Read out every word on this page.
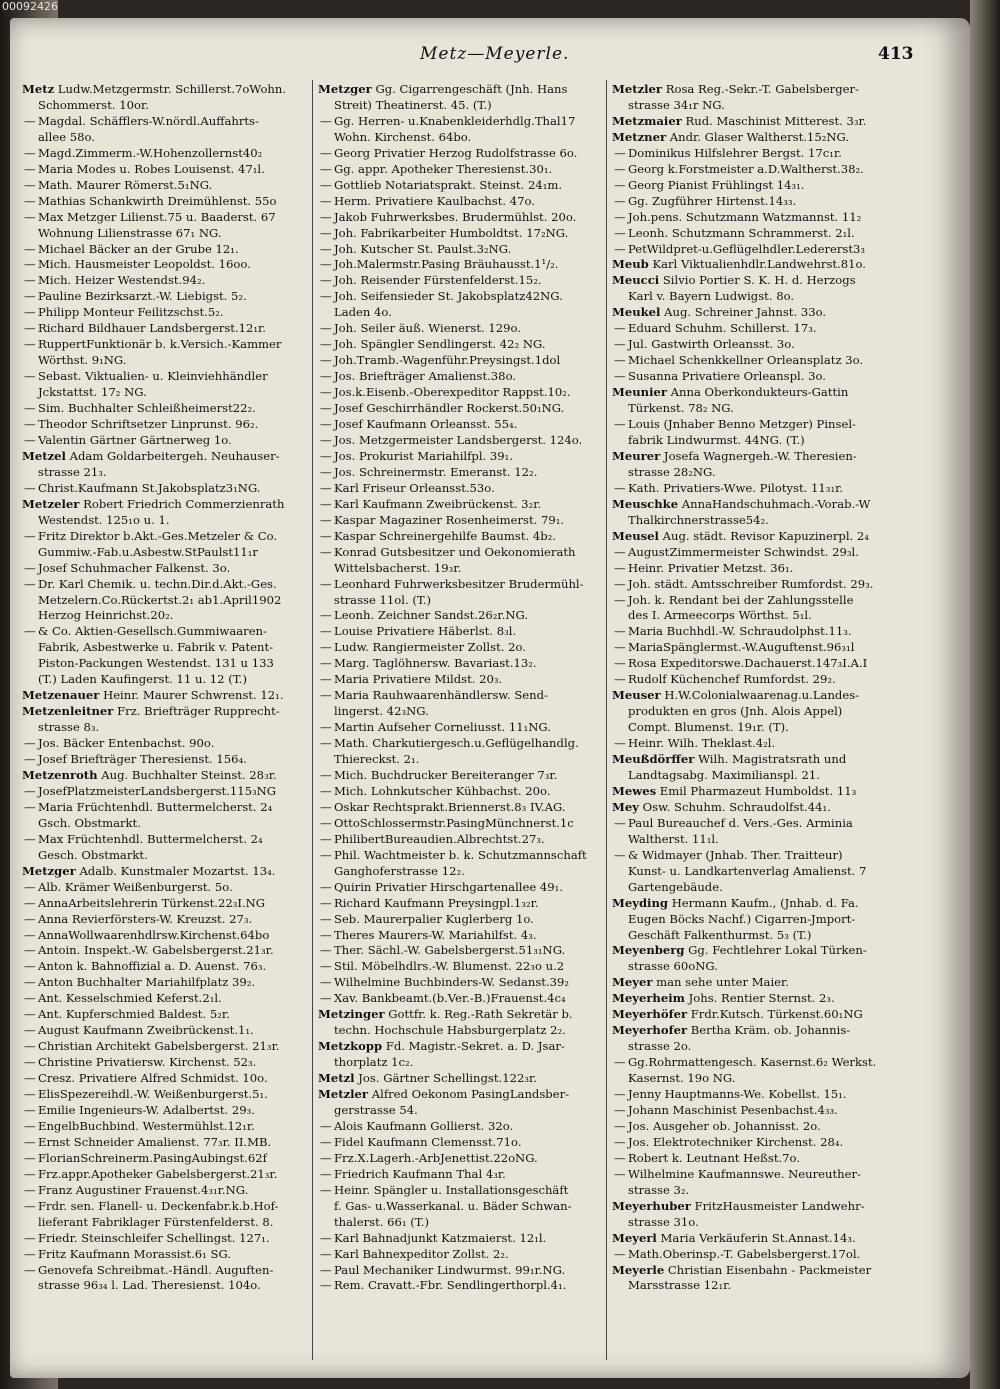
00092426
Metz—Meyerle.	413
Metz Ludw.Metzgermstr. Schillerst.7oWohn.
Schommerst. 10or.
— Magdal. Schäfflers-W.nördl.Auffahrts-
allee 58o.
— Magd.Zimmerm.-W.Hohenzollernst40₂
— Maria Modes u. Robes Louisenst. 47₁l.
— Math. Maurer Römerst.5₁NG.
— Mathias Schankwirth Dreimühlenst. 55o
— Max Metzger Lilienst.75 u. Baaderst. 67
Wohnung Lilienstrasse 67₁ NG.
— Michael Bäcker an der Grube 12₁.
— Mich. Hausmeister Leopoldst. 16oo.
— Mich. Heizer Westendst.94₂.
— Pauline Bezirksarzt.-W. Liebigst. 5₂.
— Philipp Monteur Feilitzschst.5₂.
— Richard Bildhauer Landsbergerst.12₁r.
— RuppertFunktionär b. k.Versich.-Kammer
Wörthst. 9₁NG.
— Sebast. Viktualien- u. Kleinviehhändler
Jckstattst. 17₂ NG.
— Sim. Buchhalter Schleißheimerst22₂.
— Theodor Schriftsetzer Linprunst. 96₂.
— Valentin Gärtner Gärtnerweg 1o.
Metzel Adam Goldarbeitergeh. Neuhauser-
strasse 21₃.
— Christ.Kaufmann St.Jakobsplatz3₁NG.
Metzeler Robert Friedrich Commerzienrath
Westendst. 125₁o u. 1.
— Fritz Direktor b.Akt.-Ges.Metzeler & Co.
Gummiw.-Fab.u.Asbestw.StPaulst11₁r
— Josef Schuhmacher Falkenst. 3o.
— Dr. Karl Chemik. u. techn.Dir.d.Akt.-Ges.
Metzelern.Co.Rückertst.2₁ ab1.April1902
Herzog Heinrichst.20₂.
— & Co. Aktien-Gesellsch.Gummiwaaren-
Fabrik, Asbestwerke u. Fabrik v. Patent-
Piston-Packungen Westendst. 131 u 133
(T.) Laden Kaufingerst. 11 u. 12 (T.)
Metzenauer Heinr. Maurer Schwrenst. 12₁.
Metzenleitner Frz. Briefträger Rupprecht-
strasse 8₃.
— Jos. Bäcker Entenbachst. 90o.
— Josef Briefträger Theresienst. 156₄.
Metzenroth Aug. Buchhalter Steinst. 28₃r.
— JosefPlatzmeisterLandsbergerst.115₃NG
— Maria Früchtenhdl. Buttermelcherst. 2₄
Gsch. Obstmarkt.
— Max Früchtenhdl. Buttermelcherst. 2₄
Gesch. Obstmarkt.
Metzger Adalb. Kunstmaler Mozartst. 13₄.
— Alb. Krämer Weißenburgerst. 5o.
— AnnaArbeitslehrerin Türkenst.22₃I.NG
— Anna Revierförsters-W. Kreuzst. 27₃.
— AnnaWollwaarenhdlrsw.Kirchenst.64bo
— Antoin. Inspekt.-W. Gabelsbergerst.21₃r.
— Anton k. Bahnoffizial a. D. Auenst. 76₃.
— Anton Buchhalter Mariahilfplatz 39₂.
— Ant. Kesselschmied Keferst.2₁l.
— Ant. Kupferschmied Baldest. 5₂r.
— August Kaufmann Zweibrückenst.1₁.
— Christian Architekt Gabelsbergerst. 21₃r.
— Christine Privatiersw. Kirchenst. 52₃.
— Cresz. Privatiere Alfred Schmidst. 10o.
— ElisSpezereihdl.-W. Weißenburgerst.5₁.
— Emilie Ingenieurs-W. Adalbertst. 29₃.
— EngelbBuchbind. Westermühlst.12₁r.
— Ernst Schneider Amalienst. 77₃r. II.MB.
— FlorianSchreinerm.PasingAubingst.62f
— Frz.appr.Apotheker Gabelsbergerst.21₃r.
— Franz Augustiner Frauenst.4₃₁r.NG.
— Frdr. sen. Flanell- u. Deckenfabr.k.b.Hof-
lieferant Fabriklager Fürstenfelderst. 8.
— Friedr. Steinschleifer Schellingst. 127₁.
— Fritz Kaufmann Morassist.6₁ SG.
— Genovefa Schreibmat.-Händl. Auguften-
strasse 96₃₄ l. Lad. Theresienst. 104o.
Metzger Gg. Cigarrengeschäft (Jnh. Hans
Streit) Theatinerst. 45. (T.)
— Gg. Herren- u.Knabenkleiderhdlg.Thal17
Wohn. Kirchenst. 64bo.
— Georg Privatier Herzog Rudolfstrasse 6o.
— Gg. appr. Apotheker Theresienst.30₁.
— Gottlieb Notariatsprakt. Steinst. 24₁m.
— Herm. Privatiere Kaulbachst. 47o.
— Jakob Fuhrwerksbes. Brudermühlst. 20o.
— Joh. Fabrikarbeiter Humboldtst. 17₂NG.
— Joh. Kutscher St. Paulst.3₂NG.
— Joh.Malermstr.Pasing Bräuhausst.1¹/₂.
— Joh. Reisender Fürstenfelderst.15₂.
— Joh. Seifensieder St. Jakobsplatz42NG.
Laden 4o.
— Joh. Seiler äuß. Wienerst. 129o.
— Joh. Spängler Sendlingerst. 42₂ NG.
— Joh.Tramb.-Wagenführ.Preysingst.1dol
— Jos. Briefträger Amalienst.38o.
— Jos.k.Eisenb.-Oberexpeditor Rappst.10₂.
— Josef Geschirrhändler Rockerst.50₁NG.
— Josef Kaufmann Orleansst. 55₄.
— Jos. Metzgermeister Landsbergerst. 124o.
— Jos. Prokurist Mariahilfpl. 39₁.
— Jos. Schreinermstr. Emeranst. 12₂.
— Karl Friseur Orleansst.53o.
— Karl Kaufmann Zweibrückenst. 3₂r.
— Kaspar Magaziner Rosenheimerst. 79₁.
— Kaspar Schreinergehilfe Baumst. 4b₂.
— Konrad Gutsbesitzer und Oekonomierath
Wittelsbacherst. 19₃r.
— Leonhard Fuhrwerksbesitzer Brudermühl-
strasse 11ol. (T.)
— Leonh. Zeichner Sandst.26₂r.NG.
— Louise Privatiere Häberlst. 8₃l.
— Ludw. Rangiermeister Zollst. 2o.
— Marg. Taglöhnersw. Bavariast.13₂.
— Maria Privatiere Mildst. 20₃.
— Maria Rauhwaarenhändlersw. Send-
lingerst. 42₃NG.
— Martin Aufseher Corneliusst. 11₁NG.
— Math. Charkutiergesch.u.Geflügelhandlg.
Thiereckst. 2₁.
— Mich. Buchdrucker Bereiteranger 7₃r.
— Mich. Lohnkutscher Kühbachst. 20o.
— Oskar Rechtsprakt.Briennerst.8₃ IV.AG.
— OttoSchlossermstr.PasingMünchnerst.1c
— PhilibertBureaudien.Albrechtst.27₃.
— Phil. Wachtmeister b. k. Schutzmannschaft
Ganghoferstrasse 12₂.
— Quirin Privatier Hirschgartenallee 49₁.
— Richard Kaufmann Preysingpl.1₃₂r.
— Seb. Maurerpalier Kuglerberg 1o.
— Theres Maurers-W. Mariahilfst. 4₃.
— Ther. Sächl.-W. Gabelsbergerst.51₃₁NG.
— Stil. Möbelhdlrs.-W. Blumenst. 22₃o u.2
— Wilhelmine Buchbinders-W. Sedanst.39₂
— Xav. Bankbeamt.(b.Ver.-B.)Frauenst.4c₄
Metzinger Gottfr. k. Reg.-Rath Sekretär b.
techn. Hochschule Habsburgerplatz 2₂.
Metzkopp Fd. Magistr.-Sekret. a. D. Jsar-
thorplatz 1c₂.
Metzl Jos. Gärtner Schellingst.122₃r.
Metzler Alfred Oekonom PasingLandsber-
gerstrasse 54.
— Alois Kaufmann Gollierst. 32o.
— Fidel Kaufmann Clemensst.71o.
— Frz.X.Lagerh.-ArbJenettist.22oNG.
— Friedrich Kaufmann Thal 4₃r.
— Heinr. Spängler u. Installationsgeschäft
f. Gas- u.Wasserkanal. u. Bäder Schwan-
thalerst. 66₁ (T.)
— Karl Bahnadjunkt Katzmaierst. 12₁l.
— Karl Bahnexpeditor Zollst. 2₂.
— Paul Mechaniker Lindwurmst. 99₁r.NG.
— Rem. Cravatt.-Fbr. Sendlingerthorpl.4₁.
Metzler Rosa Reg.-Sekr.-T. Gabelsberger-
strasse 34₁r NG.
Metzmaier Rud. Maschinist Mitterest. 3₃r.
Metzner Andr. Glaser Waltherst.15₂NG.
— Dominikus Hilfslehrer Bergst. 17c₁r.
— Georg k.Forstmeister a.D.Waltherst.38₂.
— Georg Pianist Frühlingst 14₃₁.
— Gg. Zugführer Hirtenst.14₃₃.
— Joh.pens. Schutzmann Watzmannst. 11₂
— Leonh. Schutzmann Schrammerst. 2₁l.
— PetWildpret-u.Geflügelhdler.Ledererst3₃
Meub Karl Viktualienhdlr.Landwehrst.81o.
Meucci Silvio Portier S. K. H. d. Herzogs
Karl v. Bayern Ludwigst. 8o.
Meukel Aug. Schreiner Jahnst. 33o.
— Eduard Schuhm. Schillerst. 17₃.
— Jul. Gastwirth Orleansst. 3o.
— Michael Schenkkellner Orleansplatz 3o.
— Susanna Privatiere Orleanspl. 3o.
Meunier Anna Oberkondukteurs-Gattin
Türkenst. 78₂ NG.
— Louis (Jnhaber Benno Metzger) Pinsel-
fabrik Lindwurmst. 44NG. (T.)
Meurer Josefa Wagnergeh.-W. Theresien-
strasse 28₂NG.
— Kath. Privatiers-Wwe. Pilotyst. 11₃₁r.
Meuschke AnnaHandschuhmach.-Vorab.-W
Thalkirchnerstrasse54₂.
Meusel Aug. städt. Revisor Kapuzinerpl. 2₄
— AugustZimmermeister Schwindst. 29₃l.
— Heinr. Privatier Metzst. 36₁.
— Joh. städt. Amtsschreiber Rumfordst. 29₃.
— Joh. k. Rendant bei der Zahlungsstelle
des I. Armeecorps Wörthst. 5₁l.
— Maria Buchhdl.-W. Schraudolphst.11₃.
— MariaSpänglermst.-W.Auguftenst.96₃₁l
— Rosa Expeditorswe.Dachauerst.147₃I.A.I
— Rudolf Küchenchef Rumfordst. 29₂.
Meuser H.W.Colonialwaarenag.u.Landes-
produkten en gros (Jnh. Alois Appel)
Compt. Blumenst. 19₁r. (T).
— Heinr. Wilh. Theklast.4₂l.
Meußdörffer Wilh. Magistratsrath und
Landtagsabg. Maximilianspl. 21.
Mewes Emil Pharmazeut Humboldst. 11₃
Mey Osw. Schuhm. Schraudolfst.44₁.
— Paul Bureauchef d. Vers.-Ges. Arminia
Waltherst. 11₁l.
— & Widmayer (Jnhab. Ther. Traitteur)
Kunst- u. Landkartenverlag Amalienst. 7
Gartengebäude.
Meyding Hermann Kaufm., (Jnhab. d. Fa.
Eugen Böcks Nachf.) Cigarren-Jmport-
Geschäft Falkenthurmst. 5₃ (T.)
Meyenberg Gg. Fechtlehrer Lokal Türken-
strasse 60oNG.
Meyer man sehe unter Maier.
Meyerheim Johs. Rentier Sternst. 2₃.
Meyerhöfer Frdr.Kutsch. Türkenst.60₁NG
Meyerhofer Bertha Kräm. ob. Johannis-
strasse 2o.
— Gg.Rohrmattengesch. Kasernst.6₂ Werkst.
Kasernst. 19o NG.
— Jenny Hauptmanns-We. Kobellst. 15₁.
— Johann Maschinist Pesenbachst.4₃₃.
— Jos. Ausgeher ob. Johannisst. 2o.
— Jos. Elektrotechniker Kirchenst. 28₄.
— Robert k. Leutnant Heßst.7o.
— Wilhelmine Kaufmannswe. Neureuther-
strasse 3₂.
Meyerhuber FritzHausmeister Landwehr-
strasse 31o.
Meyerl Maria Verkäuferin St.Annast.14₃.
— Math.Oberinsp.-T. Gabelsbergerst.17ol.
Meyerle Christian Eisenbahn - Packmeister
Marsstrasse 12₁r.
